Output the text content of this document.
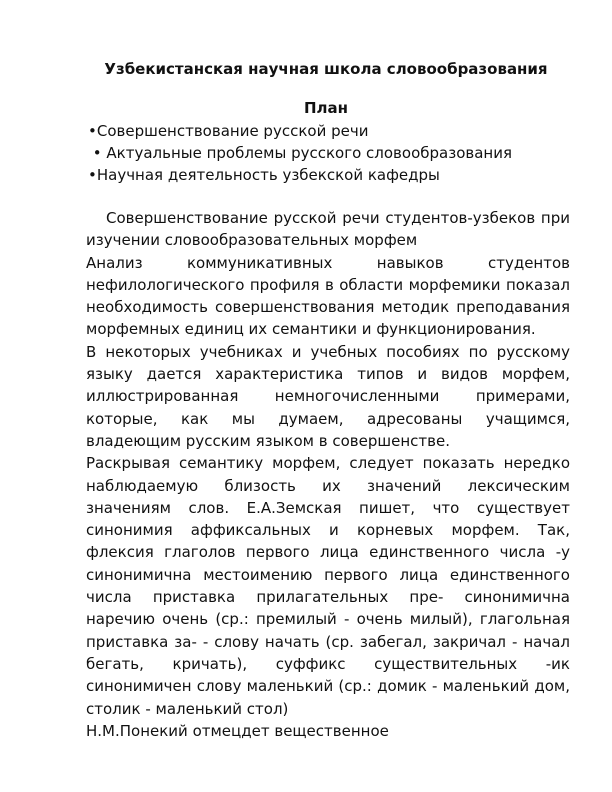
Узбекистанская научная школа словообразования
План
•Совершенствование русской речи
• Актуальные проблемы русского словообразования
•Научная деятельность узбекской кафедры

Совершенствование русской речи студентов-узбеков при изучении словообразовательных морфем

Анализ коммуникативных навыков студентов нефилологического профиля в области морфемики показал необходимость совершенствования методик преподавания морфемных единиц их семантики и функционирования.

В некоторых учебниках и учебных пособиях по русскому языку дается характеристика типов и видов морфем, иллюстрированная немногочисленными примерами, которые, как мы думаем, адресованы учащимся, владеющим русским языком в совершенстве.

Раскрывая семантику морфем, следует показать нередко наблюдаемую близость их значений лексическим значениям слов. Е.А.Земская пишет, что существует синонимия аффиксальных и корневых морфем. Так, флексия глаголов первого лица единственного числа -у синонимична местоимению первого лица единственного числа приставка прилагательных пре- синонимична наречию очень (ср.: премилый - очень милый), глагольная приставка за- - слову начать (ср. забегал, закричал - начал бегать, кричать), суффикс существительных -ик синонимичен слову маленький (ср.: домик - маленький дом, столик - маленький стол)

Н.М.Понекий отмецдет вещественное
